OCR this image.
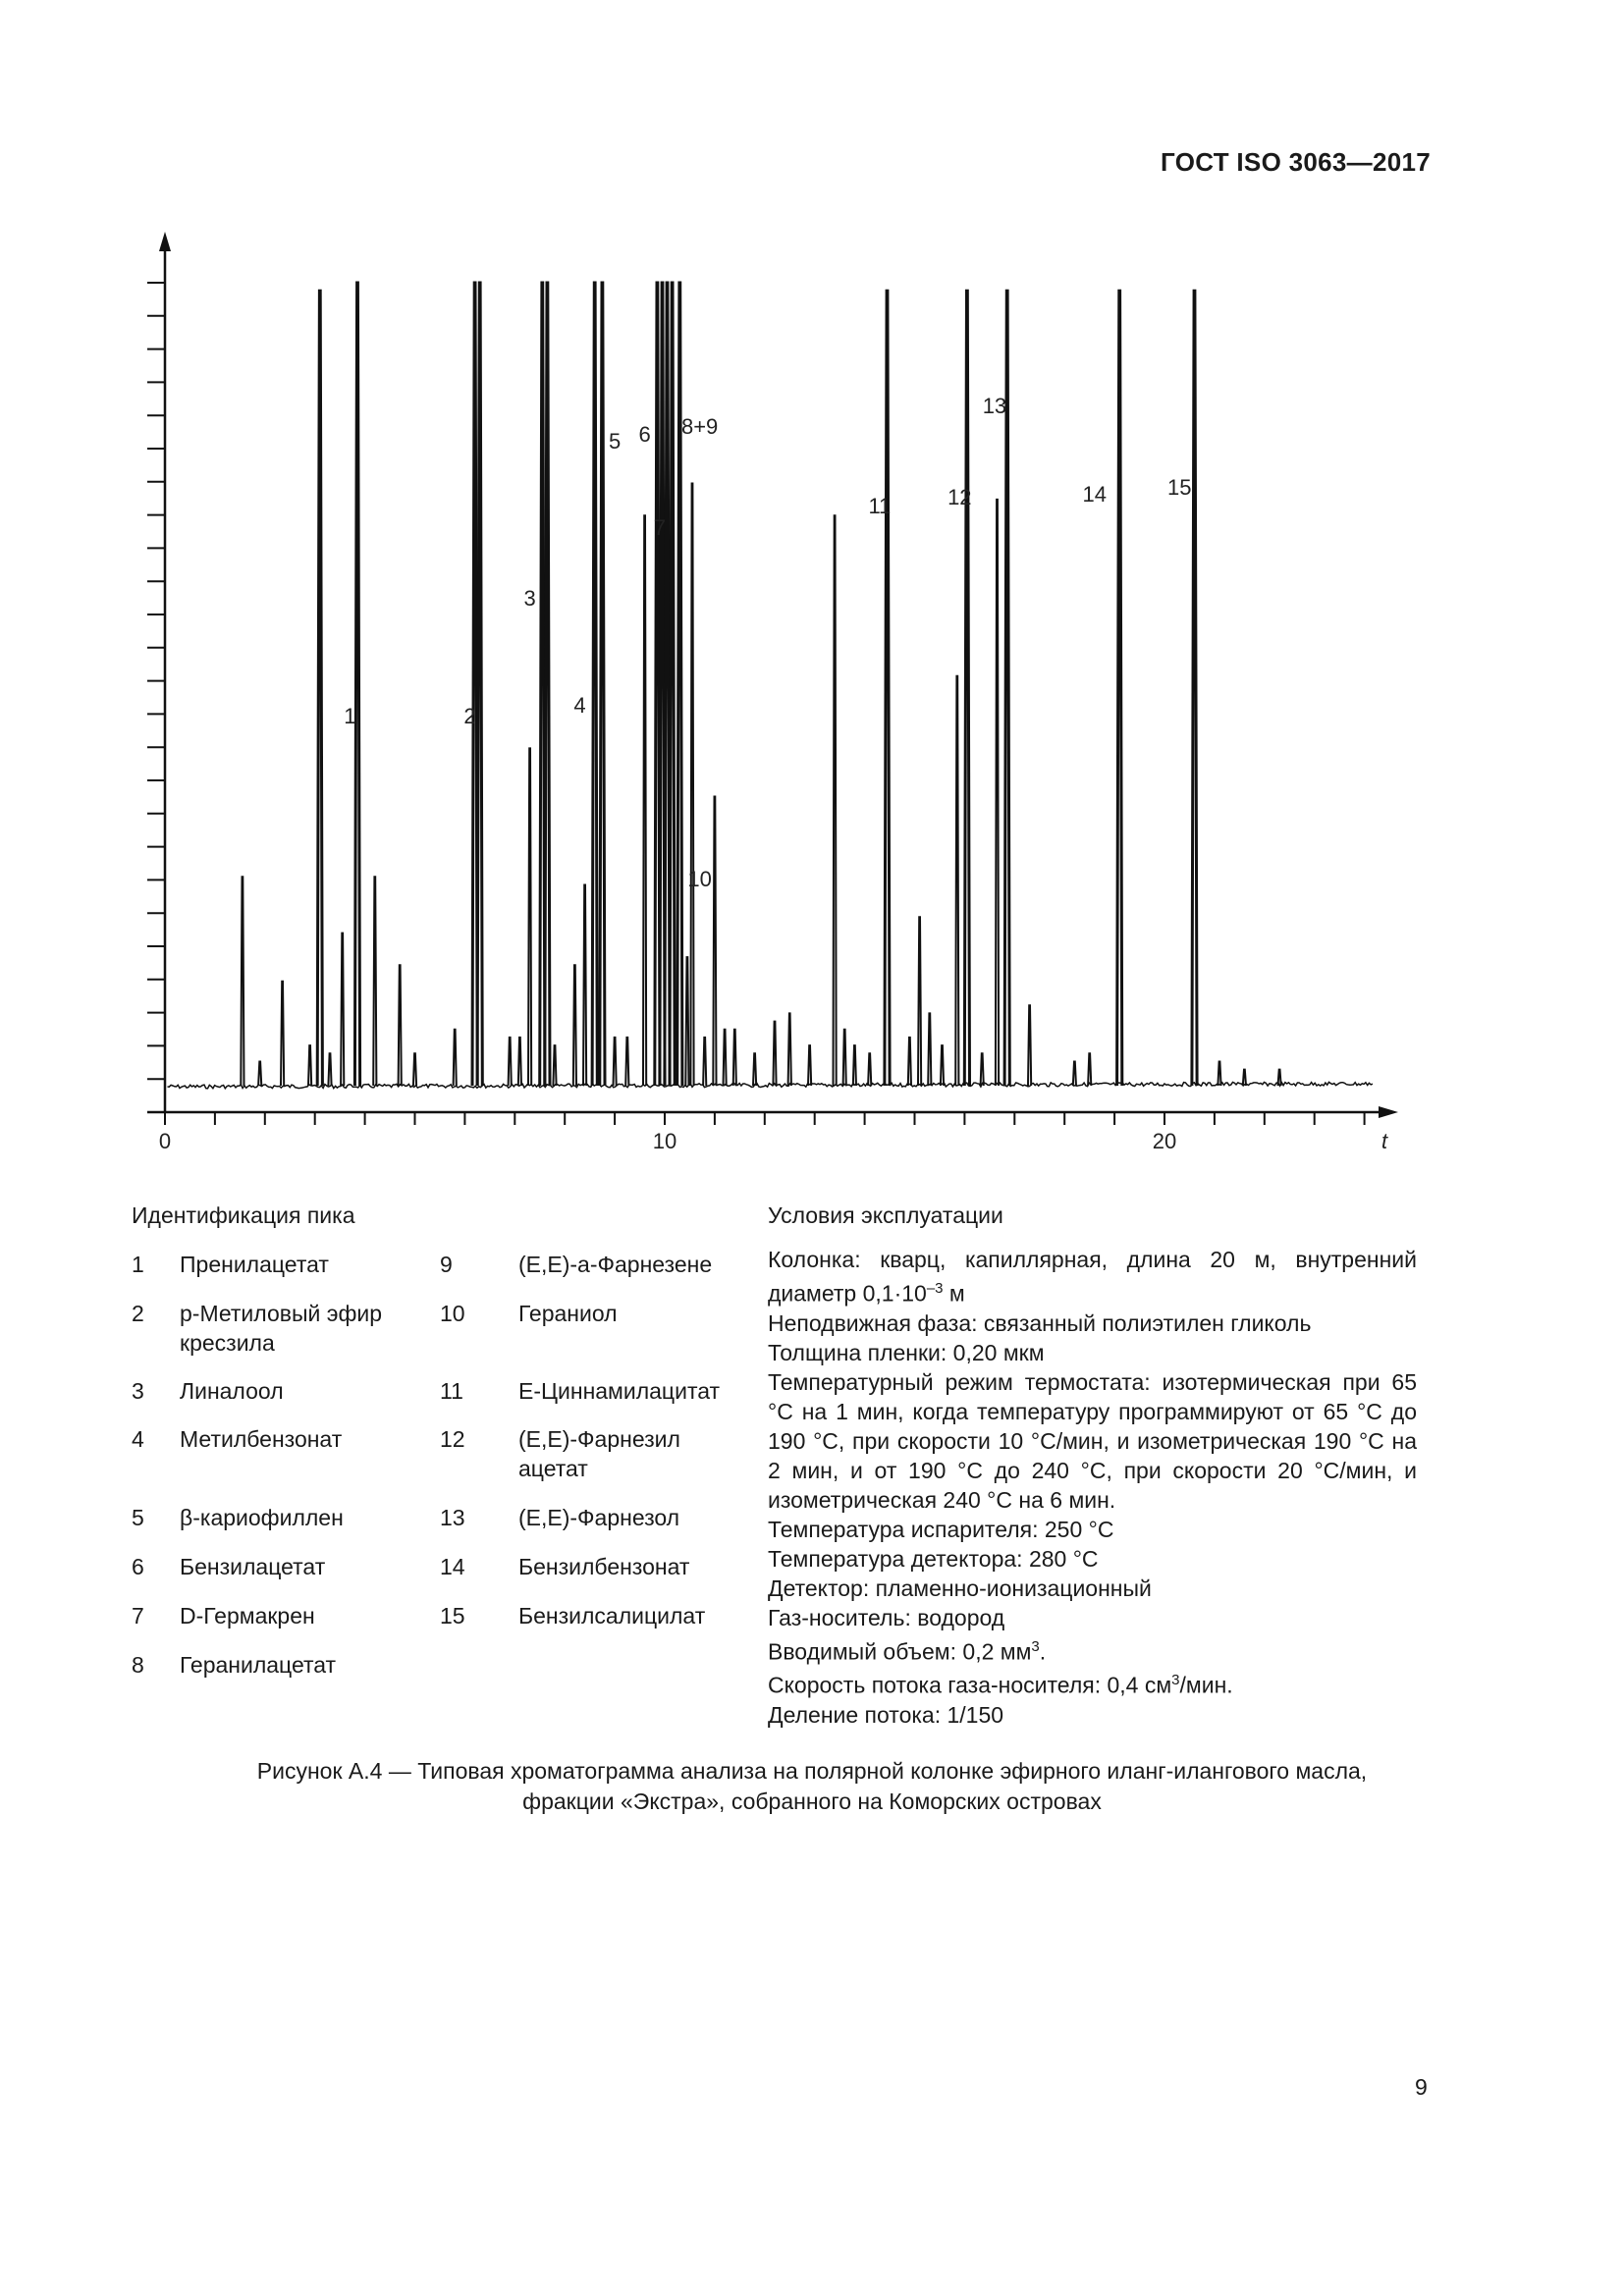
ГОСТ ISO 3063—2017
0	10	20	t
1	2
3
4
5 6
7
8+9
10
11	12
13
14	15
Идентификация пика
1 Пренилацетат
2 p-Метиловый эфир кресзила
3 Линалоол
4 Метилбензонат
5 β-кариофиллен
6 Бензилацетат
7 D-Гермакрен
8 Геранилацетат
9	(E,E)-a-Фарнезене
10 Гераниол
11 E-Циннамилацитат
12 (E,E)-Фарнезил ацетат
13 (E,E)-Фарнезол
14 Бензилбензонат
15 Бензилсалицилат
Условия эксплуатации

Колонка: кварц, капиллярная, длина 20 м, внутренний диаметр $0,1\cdot 10^{-3}$ м

Неподвижная фаза: связанный полиэтилен гликоль

Толщина пленки: 0,20 мкм

Температурный режим термостата: изотермическая при 65 °С на 1 мин, когда температуру программируют от 65 °С до 190 °С, при скорости 10 °С/мин, и изометрическая 190 °С на 2 мин, и от 190 °С до 240 °С, при скорости 20 °С/мин, и изометрическая 240 °С на 6 мин.

Температура испарителя: 250 °С

Температура детектора: 280 °С

Детектор: пламенно-ионизационный

Газ-носитель: водород

Вводимый объем: 0,2 $мм^3$.

Скорость потока газа-носителя: 0,4 $см^3$/мин.

Деление потока: 1/150

Рисунок А.4 — Типовая хроматограмма анализа на полярной колонке эфирного иланг-илангового масла,
фракции «Экстра», собранного на Коморских островах
9
